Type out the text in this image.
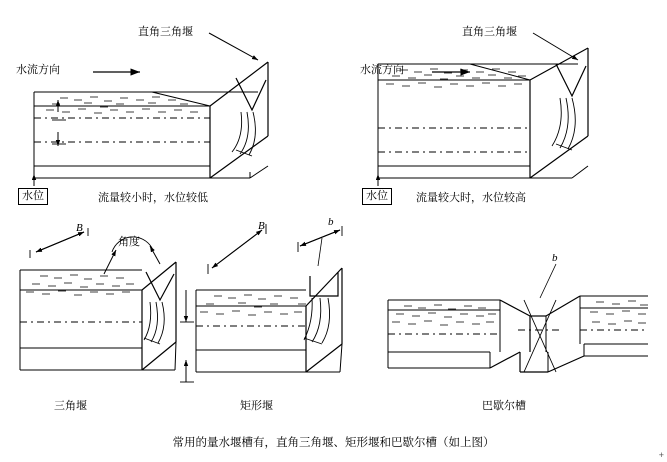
直角三角堰
水流方向
水位	流量较小时，水位较低
直角三角堰
水流方向
水位	流量较大时，水位较高
B
角度
三角堰
B	b
矩形堰
b
巴歇尔槽
常用的量水堰槽有，直角三角堰、矩形堰和巴歇尔槽（如上图）
+
